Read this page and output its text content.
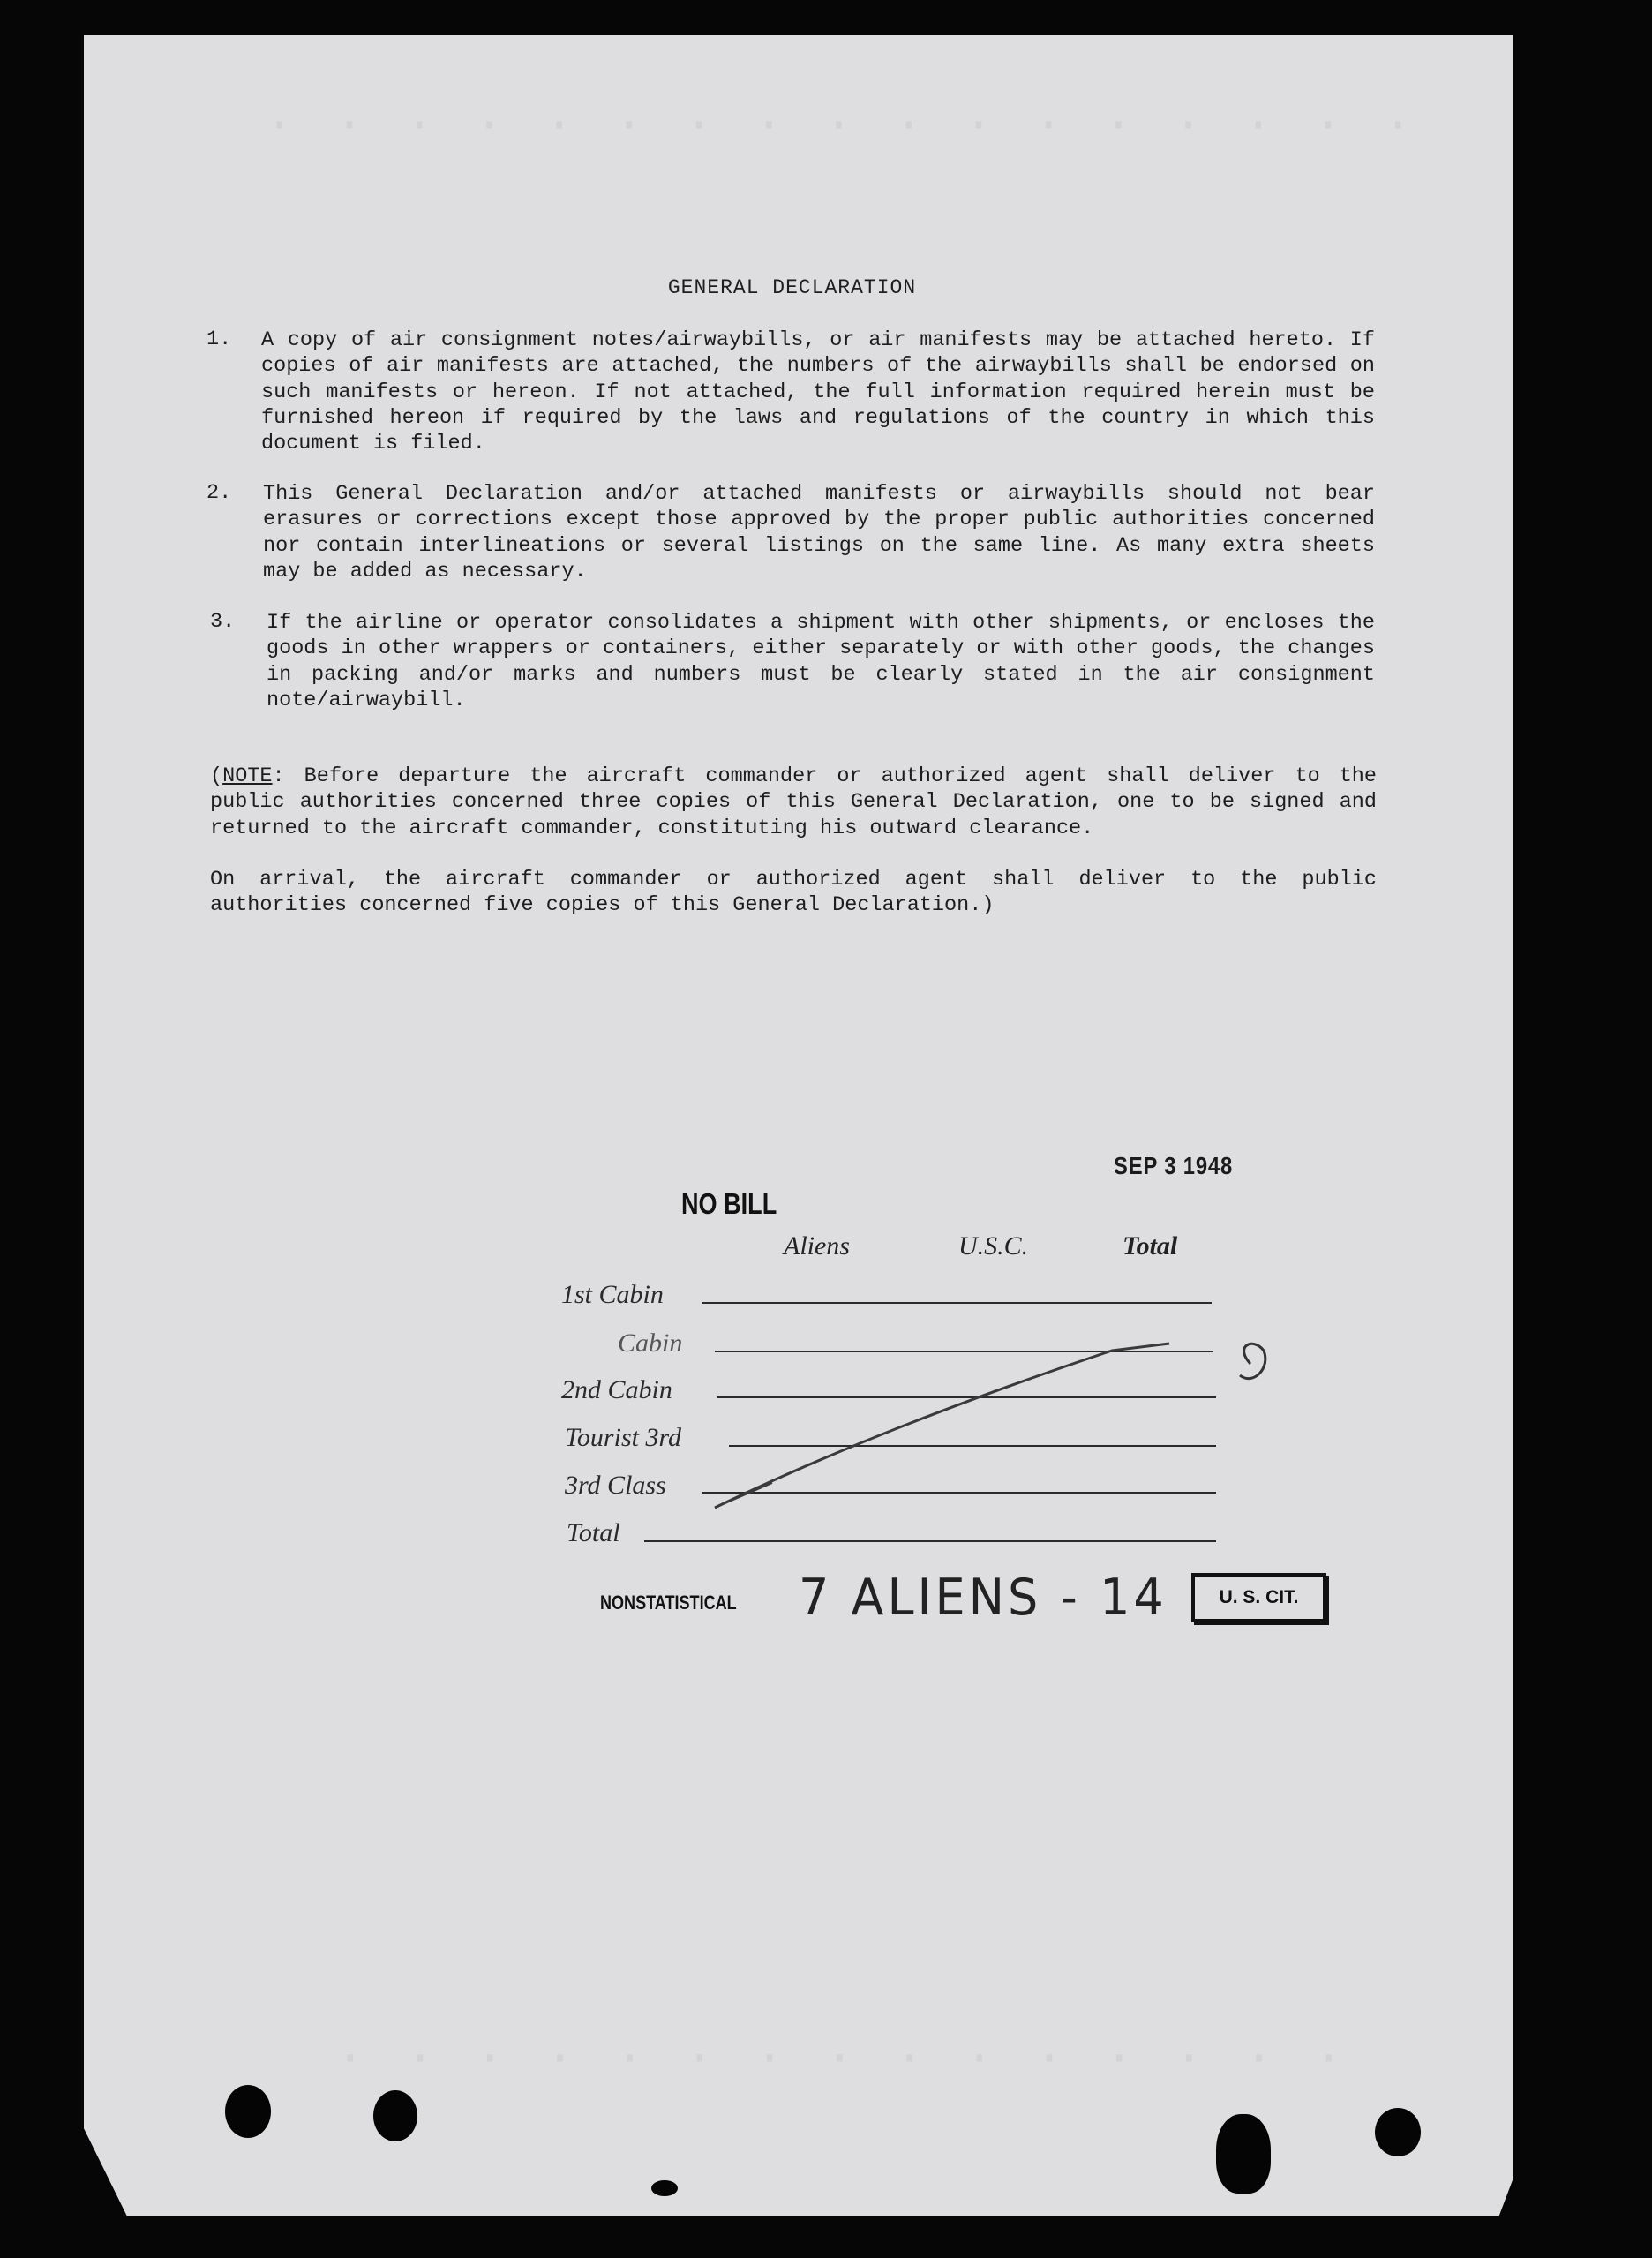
· · · · · · · · · · · · · · · · ·
· · · · · · · · · · · · · · ·
GENERAL DECLARATION
1. A copy of air consignment notes/airwaybills, or air manifests may be attached hereto. If copies of air manifests are attached, the numbers of the airwaybills shall be endorsed on such manifests or hereon. If not attached, the full information required herein must be furnished hereon if required by the laws and regulations of the country in which this document is filed.
2. This General Declaration and/or attached manifests or airwaybills should not bear erasures or corrections except those approved by the proper public authorities concerned nor contain interlineations or several listings on the same line. As many extra sheets may be added as necessary.
3. If the airline or operator consolidates a shipment with other shipments, or encloses the goods in other wrappers or containers, either separately or with other goods, the changes in packing and/or marks and numbers must be clearly stated in the air consignment note/airwaybill.
(NOTE: Before departure the aircraft commander or authorized agent shall deliver to the public authorities concerned three copies of this General Declaration, one to be signed and returned to the aircraft commander, constituting his outward clearance.
On arrival, the aircraft commander or authorized agent shall deliver to the public authorities concerned five copies of this General Declaration.)
SEP 3 1948
NO BILL
Aliens	U.S.C.	Total
1st Cabin
Cabin
2nd Cabin
Tourist 3rd
3rd Class
Total
NONSTATISTICAL 7 ALIENS - 14	U. S. CIT.
